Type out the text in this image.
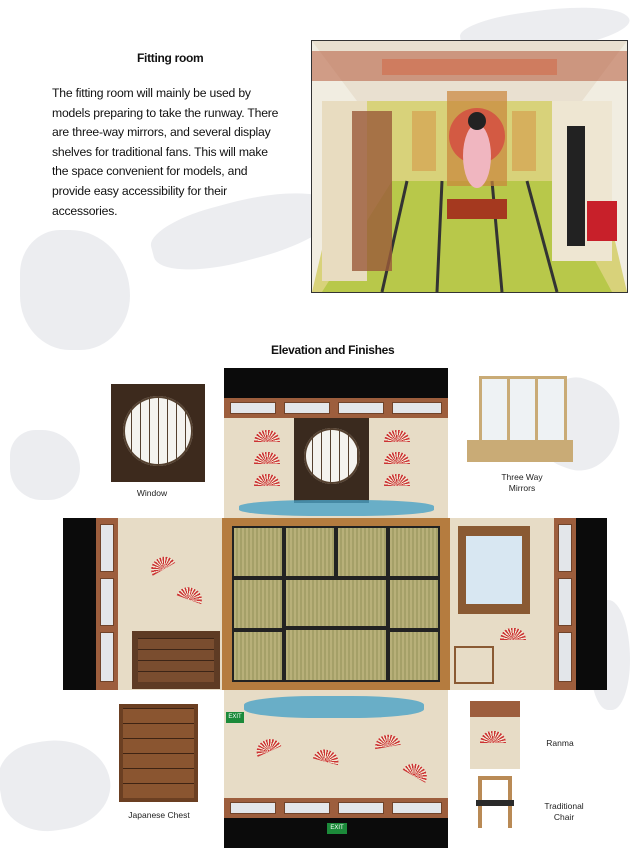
Fitting room
The fitting room will mainly be used by models preparing to take the runway. There are three-way mirrors, and several display shelves for traditional fans. This will make the space convenient for models, and provide easy accessibility for their accessories.
Elevation and Finishes
EXIT
EXIT
Window
Three Way Mirrors
Japanese Chest
Ranma
Traditional Chair
